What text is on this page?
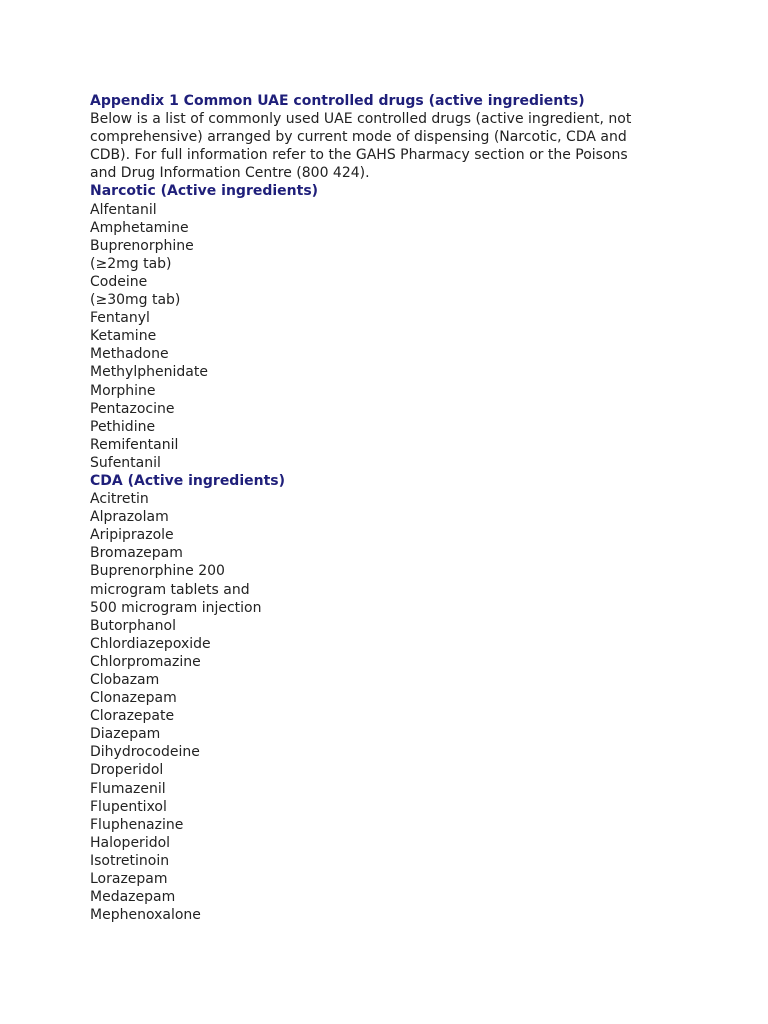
Appendix 1 Common UAE controlled drugs (active ingredients)

Below is a list of commonly used UAE controlled drugs (active ingredient, not

comprehensive) arranged by current mode of dispensing (Narcotic, CDA and

CDB). For full information refer to the GAHS Pharmacy section or the Poisons

and Drug Information Centre (800 424).

Narcotic (Active ingredients)

Alfentanil

Amphetamine

Buprenorphine

(≥2mg tab)

Codeine

(≥30mg tab)

Fentanyl

Ketamine

Methadone

Methylphenidate

Morphine

Pentazocine

Pethidine

Remifentanil

Sufentanil

CDA (Active ingredients)

Acitretin

Alprazolam

Aripiprazole

Bromazepam

Buprenorphine 200

microgram tablets and

500 microgram injection

Butorphanol

Chlordiazepoxide

Chlorpromazine

Clobazam

Clonazepam

Clorazepate

Diazepam

Dihydrocodeine

Droperidol

Flumazenil

Flupentixol

Fluphenazine

Haloperidol

Isotretinoin

Lorazepam

Medazepam

Mephenoxalone
